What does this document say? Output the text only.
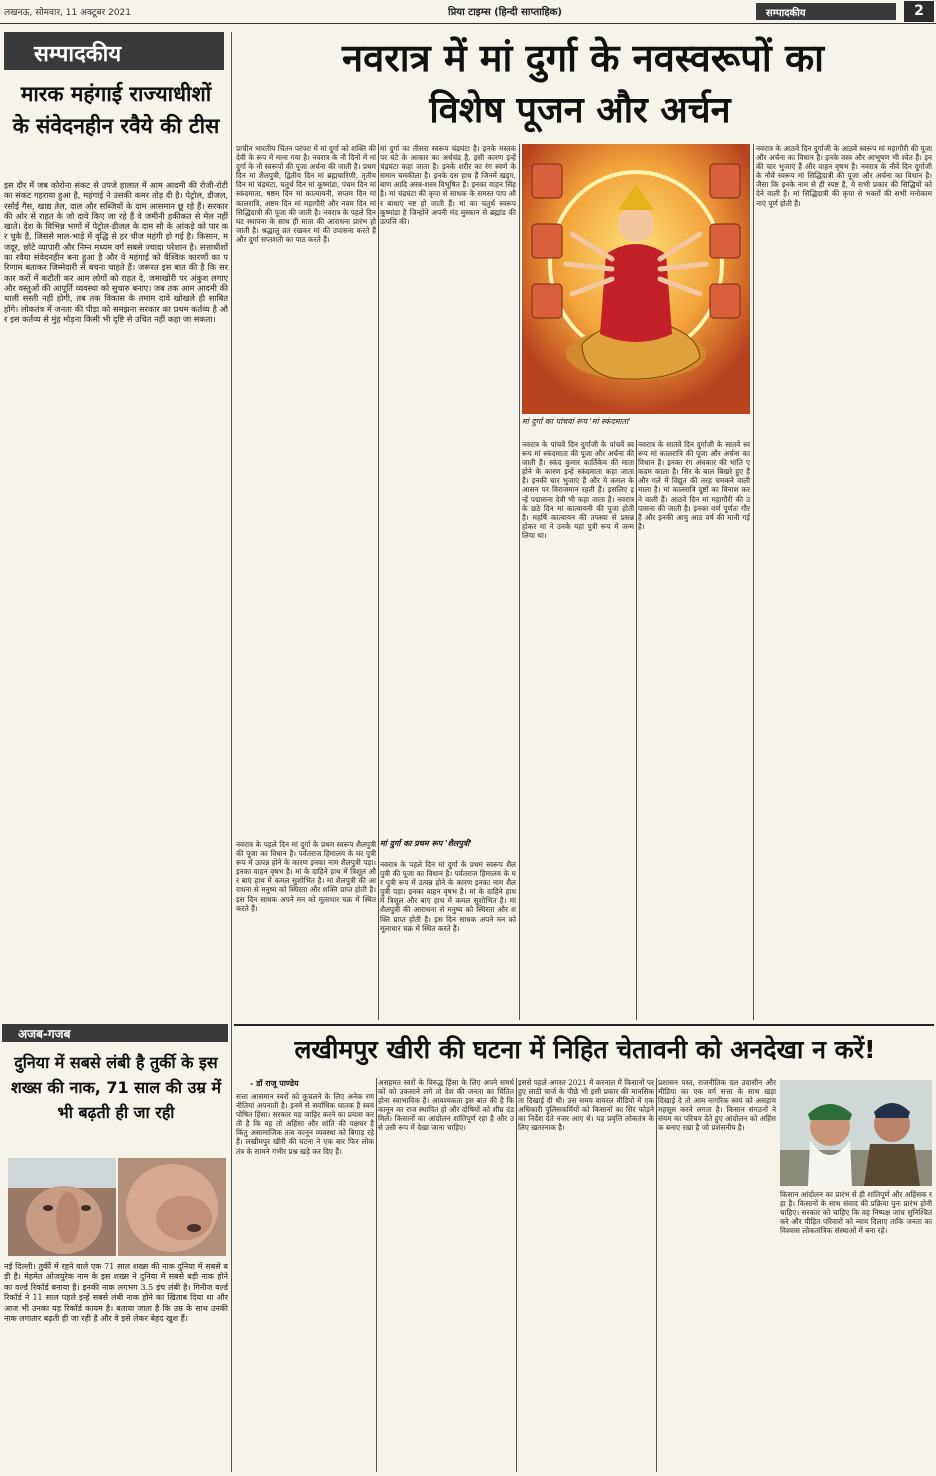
लखनऊ, सोमवार, 11 अक्टूबर 2021	प्रिया टाइम्स (हिन्दी साप्ताहिक)	सम्पादकीय	2
सम्पादकीय
मारक महंगाई राज्याधीशों के संवेदनहीन रवैये की टीस
इस दौर में जब कोरोना संकट से उपजे हालात में आम आदमी की रोजी-रोटी का संकट गहराया हुआ है, महंगाई ने उसकी कमर तोड़ दी है। पेट्रोल, डीजल, रसोई गैस, खाद्य तेल, दाल और सब्जियों के दाम आसमान छू रहे हैं। सरकार की ओर से राहत के जो दावे किए जा रहे हैं वे जमीनी हकीकत से मेल नहीं खाते। देश के विभिन्न भागों में पेट्रोल-डीजल के दाम सौ के आंकड़े को पार कर चुके हैं, जिससे माल-भाड़े में वृद्धि से हर चीज महंगी हो गई है। किसान, मजदूर, छोटे व्यापारी और निम्न मध्यम वर्ग सबसे ज्यादा परेशान है। सत्ताधीशों का रवैया संवेदनहीन बना हुआ है और वे महंगाई को वैश्विक कारणों का परिणाम बताकर जिम्मेदारी से बचना चाहते हैं। जरूरत इस बात की है कि सरकार करों में कटौती कर आम लोगों को राहत दे, जमाखोरी पर अंकुश लगाए और वस्तुओं की आपूर्ति व्यवस्था को सुचारु बनाए। जब तक आम आदमी की थाली सस्ती नहीं होगी, तब तक विकास के तमाम दावे खोखले ही साबित होंगे। लोकतंत्र में जनता की पीड़ा को समझना सरकार का प्रथम कर्तव्य है और इस कर्तव्य से मुंह मोड़ना किसी भी दृष्टि से उचित नहीं कहा जा सकता।
अजब-गजब
दुनिया में सबसे लंबी है तुर्की के इस शख्स की नाक, 71 साल की उम्र में भी बढ़ती ही जा रही
नई दिल्ली। तुर्की में रहने वाले एक 71 साल शख्स की नाक दुनिया में सबसे बड़ी है। मेहमेत ओजयुरेक नाम के इस शख्स ने दुनिया में सबसे बड़ी नाक होने का वर्ल्ड रिकॉर्ड बनाया है। इनकी नाक लगभग 3.5 इंच लंबी है। गिनीज वर्ल्ड रिकॉर्ड ने 11 साल पहले इन्हें सबसे लंबी नाक होने का खिताब दिया था और आज भी उनका यह रिकॉर्ड कायम है। बताया जाता है कि उम्र के साथ उनकी नाक लगातार बढ़ती ही जा रही है और वे इसे लेकर बेहद खुश हैं।
नवरात्र में मां दुर्गा के नवस्वरूपों का
विशेष पूजन और अर्चन
प्राचीन भारतीय चिंतन परंपरा में मां दुर्गा को शक्ति की देवी के रूप में माना गया है। नवरात्र के नौ दिनों में मां दुर्गा के नौ स्वरूपों की पूजा अर्चना की जाती है। प्रथम दिन मां शैलपुत्री, द्वितीय दिन मां ब्रह्मचारिणी, तृतीय दिन मां चंद्रघंटा, चतुर्थ दिन मां कूष्मांडा, पंचम दिन मां स्कंदमाता, षष्ठम दिन मां कात्यायनी, सप्तम दिन मां कालरात्रि, अष्टम दिन मां महागौरी और नवम दिन मां सिद्धिदात्री की पूजा की जाती है। नवरात्र के पहले दिन घट स्थापना के साथ ही माता की आराधना प्रारंभ हो जाती है। श्रद्धालु व्रत रखकर मां की उपासना करते हैं और दुर्गा सप्तशती का पाठ करते हैं।
नवरात्र के पहले दिन मां दुर्गा के प्रथम स्वरूप शैलपुत्री की पूजा का विधान है। पर्वतराज हिमालय के घर पुत्री रूप में उत्पन्न होने के कारण इनका नाम शैलपुत्री पड़ा। इनका वाहन वृषभ है। मां के दाहिने हाथ में त्रिशूल और बाएं हाथ में कमल सुशोभित है। मां शैलपुत्री की आराधना से मनुष्य को स्थिरता और शक्ति प्राप्त होती है। इस दिन साधक अपने मन को मूलाधार चक्र में स्थित करते हैं।
मां दुर्गा का तीसरा स्वरूप चंद्रघंटा है। इनके मस्तक पर घंटे के आकार का अर्धचंद्र है, इसी कारण इन्हें चंद्रघंटा कहा जाता है। इनके शरीर का रंग स्वर्ण के समान चमकीला है। इनके दस हाथ हैं जिनमें खड्ग, बाण आदि अस्त्र-शस्त्र विभूषित हैं। इनका वाहन सिंह है। मां चंद्रघंटा की कृपा से साधक के समस्त पाप और बाधाएं नष्ट हो जाती हैं। मां का चतुर्थ स्वरूप कूष्मांडा है जिन्होंने अपनी मंद मुस्कान से ब्रह्मांड की उत्पत्ति की।
मां दुर्गा का प्रथम रूप 'शैलपुत्री'
नवरात्र के पहले दिन मां दुर्गा के प्रथम स्वरूप शैलपुत्री की पूजा का विधान है। पर्वतराज हिमालय के घर पुत्री रूप में उत्पन्न होने के कारण इनका नाम शैलपुत्री पड़ा। इनका वाहन वृषभ है। मां के दाहिने हाथ में त्रिशूल और बाएं हाथ में कमल सुशोभित है। मां शैलपुत्री की आराधना से मनुष्य को स्थिरता और शक्ति प्राप्त होती है। इस दिन साधक अपने मन को मूलाधार चक्र में स्थित करते हैं।
मां दुर्गा का पांचवां रूप 'मां स्कंदमाता'
नवरात्र के पांचवें दिन दुर्गाजी के पांचवें स्वरूप मां स्कंदमाता की पूजा और अर्चना की जाती है। स्कंद कुमार कार्तिकेय की माता होने के कारण इन्हें स्कंदमाता कहा जाता है। इनकी चार भुजाएं हैं और ये कमल के आसन पर विराजमान रहती हैं। इसलिए इन्हें पद्मासना देवी भी कहा जाता है। नवरात्र के छठे दिन मां कात्यायनी की पूजा होती है। महर्षि कात्यायन की तपस्या से प्रसन्न होकर मां ने उनके यहां पुत्री रूप में जन्म लिया था।
नवरात्र के सातवें दिन दुर्गाजी के सातवें स्वरूप मां कालरात्रि की पूजा और अर्चना का विधान है। इनका रंग अंधकार की भांति एकदम काला है। सिर के बाल बिखरे हुए हैं और गले में विद्युत की तरह चमकने वाली माला है। मां कालरात्रि दुष्टों का विनाश करने वाली हैं। आठवें दिन मां महागौरी की उपासना की जाती है। इनका वर्ण पूर्णतः गौर है और इनकी आयु आठ वर्ष की मानी गई है।
नवरात्र के आठवें दिन दुर्गाजी के आठवें स्वरूप मां महागौरी की पूजा और अर्चना का विधान है। इनके वस्त्र और आभूषण भी श्वेत हैं। इनकी चार भुजाएं हैं और वाहन वृषभ है। नवरात्र के नौवें दिन दुर्गाजी के नौवें स्वरूप मां सिद्धिदात्री की पूजा और अर्चना का विधान है। जैसा कि इनके नाम से ही स्पष्ट है, ये सभी प्रकार की सिद्धियों को देने वाली हैं। मां सिद्धिदात्री की कृपा से भक्तों की सभी मनोकामनाएं पूर्ण होती हैं।
लखीमपुर खीरी की घटना में निहित चेतावनी को अनदेखा न करें!
- डॉ राजू पाण्डेय
सत्ता आसमान स्वरों को कुचलने के लिए अनेक रणनीतियां अपनाती है। इनमें से सर्वाधिक घातक है स्वयं पोषित हिंसा। सरकार यह जाहिर करने का प्रयास करती है कि वह तो अहिंसा और शांति की पक्षधर है किंतु असामाजिक तत्व कानून व्यवस्था को बिगाड़ रहे हैं। लखीमपुर खीरी की घटना ने एक बार फिर लोकतंत्र के सामने गंभीर प्रश्न खड़े कर दिए हैं।
असहमत स्वरों के विरुद्ध हिंसा के लिए अपने समर्थकों को उकसाने लगे तो देश की जनता का चिंतित होना स्वाभाविक है। आवश्यकता इस बात की है कि कानून का राज स्थापित हो और दोषियों को शीघ्र दंड मिले। किसानों का आंदोलन शांतिपूर्ण रहा है और उसे उसी रूप में देखा जाना चाहिए।
इससे पहले अगस्त 2021 में करनाल में किसानों पर हुए लाठी चार्ज के पीछे भी इसी प्रकार की मानसिकता दिखाई दी थी। उस समय वायरल वीडियो में एक अधिकारी पुलिसकर्मियों को किसानों का सिर फोड़ने का निर्देश देते नजर आए थे। यह प्रवृत्ति लोकतंत्र के लिए खतरनाक है।
प्रशासन पस्त, राजनीतिक दल उदासीन और मीडिया का एक वर्ग सत्ता के साथ खड़ा दिखाई दे तो आम नागरिक स्वयं को असहाय महसूस करने लगता है। किसान संगठनों ने संयम का परिचय देते हुए आंदोलन को अहिंसक बनाए रखा है जो प्रशंसनीय है।
किसान आंदोलन का प्रारंभ से ही शांतिपूर्ण और अहिंसक रहा है। किसानों के साथ संवाद की प्रक्रिया पुनः प्रारंभ होनी चाहिए। सरकार को चाहिए कि वह निष्पक्ष जांच सुनिश्चित करे और पीड़ित परिवारों को न्याय दिलाए ताकि जनता का विश्वास लोकतांत्रिक संस्थाओं में बना रहे।
